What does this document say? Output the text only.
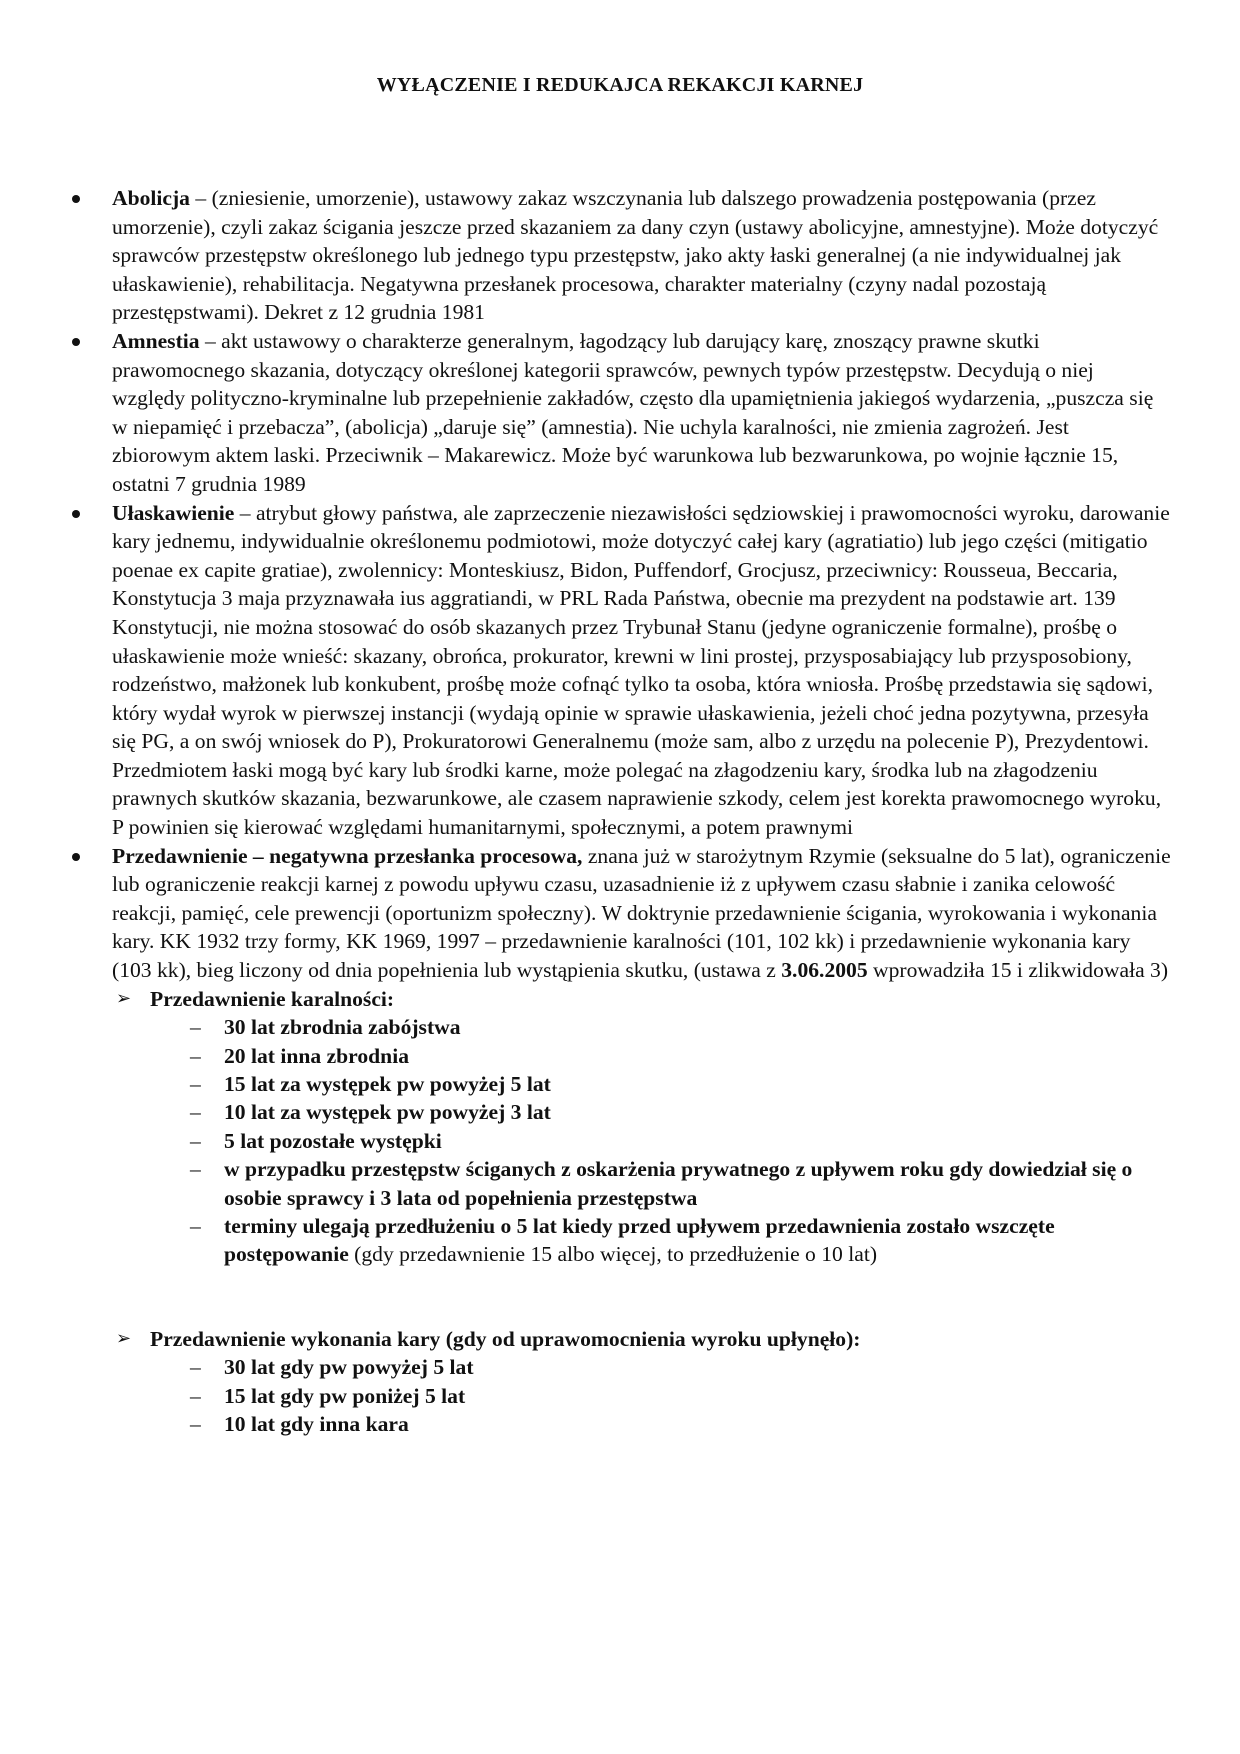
WYŁĄCZENIE I REDUKAJCA REKAKCJI KARNEJ

Abolicja – (zniesienie, umorzenie), ustawowy zakaz wszczynania lub dalszego prowadzenia postępowania (przez umorzenie), czyli zakaz ścigania jeszcze przed skazaniem za dany czyn (ustawy abolicyjne, amnestyjne). Może dotyczyć sprawców przestępstw określonego lub jednego typu przestępstw, jako akty łaski generalnej (a nie indywidualnej jak ułaskawienie), rehabilitacja. Negatywna przesłanek procesowa, charakter materialny (czyny nadal pozostają przestępstwami). Dekret z 12 grudnia 1981

Amnestia – akt ustawowy o charakterze generalnym, łagodzący lub darujący karę, znoszący prawne skutki prawomocnego skazania, dotyczący określonej kategorii sprawców, pewnych typów przestępstw. Decydują o niej względy polityczno-kryminalne lub przepełnienie zakładów, często dla upamiętnienia jakiegoś wydarzenia, „puszcza się w niepamięć i przebacza”, (abolicja) „daruje się” (amnestia). Nie uchyla karalności, nie zmienia zagrożeń. Jest zbiorowym aktem laski. Przeciwnik – Makarewicz. Może być warunkowa lub bezwarunkowa, po wojnie łącznie 15, ostatni 7 grudnia 1989

Ułaskawienie – atrybut głowy państwa, ale zaprzeczenie niezawisłości sędziowskiej i prawomocności wyroku, darowanie kary jednemu, indywidualnie określonemu podmiotowi, może dotyczyć całej kary (agratiatio) lub jego części (mitigatio poenae ex capite gratiae), zwolennicy: Monteskiusz, Bidon, Puffendorf, Grocjusz, przeciwnicy: Rousseua, Beccaria, Konstytucja 3 maja przyznawała ius aggratiandi, w PRL Rada Państwa, obecnie ma prezydent na podstawie art. 139 Konstytucji, nie można stosować do osób skazanych przez Trybunał Stanu (jedyne ograniczenie formalne), prośbę o ułaskawienie może wnieść: skazany, obrońca, prokurator, krewni w lini prostej, przysposabiający lub przysposobiony, rodzeństwo, małżonek lub konkubent, prośbę może cofnąć tylko ta osoba, która wniosła. Prośbę przedstawia się sądowi, który wydał wyrok w pierwszej instancji (wydają opinie w sprawie ułaskawienia, jeżeli choć jedna pozytywna, przesyła się PG, a on swój wniosek do P), Prokuratorowi Generalnemu (może sam, albo z urzędu na polecenie P), Prezydentowi. Przedmiotem łaski mogą być kary lub środki karne, może polegać na złagodzeniu kary, środka lub na złagodzeniu prawnych skutków skazania, bezwarunkowe, ale czasem naprawienie szkody, celem jest korekta prawomocnego wyroku, P powinien się kierować względami humanitarnymi, społecznymi, a potem prawnymi

Przedawnienie – negatywna przesłanka procesowa, znana już w starożytnym Rzymie (seksualne do 5 lat), ograniczenie lub ograniczenie reakcji karnej z powodu upływu czasu, uzasadnienie iż z upływem czasu słabnie i zanika celowość reakcji, pamięć, cele prewencji (oportunizm społeczny). W doktrynie przedawnienie ścigania, wyrokowania i wykonania kary. KK 1932 trzy formy, KK 1969, 1997 – przedawnienie karalności (101, 102 kk) i przedawnienie wykonania kary (103 kk), bieg liczony od dnia popełnienia lub wystąpienia skutku, (ustawa z 3.06.2005 wprowadziła 15 i zlikwidowała 3)

➢ Przedawnienie karalności:

– 30 lat zbrodnia zabójstwa
– 20 lat inna zbrodnia
– 15 lat za występek pw powyżej 5 lat
– 10 lat za występek pw powyżej 3 lat
– 5 lat pozostałe występki
– w przypadku przestępstw ściganych z oskarżenia prywatnego z upływem roku gdy dowiedział się o osobie sprawcy i 3 lata od popełnienia przestępstwa
– terminy ulegają przedłużeniu o 5 lat kiedy przed upływem przedawnienia zostało wszczęte postępowanie (gdy przedawnienie 15 albo więcej, to przedłużenie o 10 lat)

➢ Przedawnienie wykonania kary (gdy od uprawomocnienia wyroku upłynęło):

– 30 lat gdy pw powyżej 5 lat
– 15 lat gdy pw poniżej 5 lat
– 10 lat gdy inna kara
